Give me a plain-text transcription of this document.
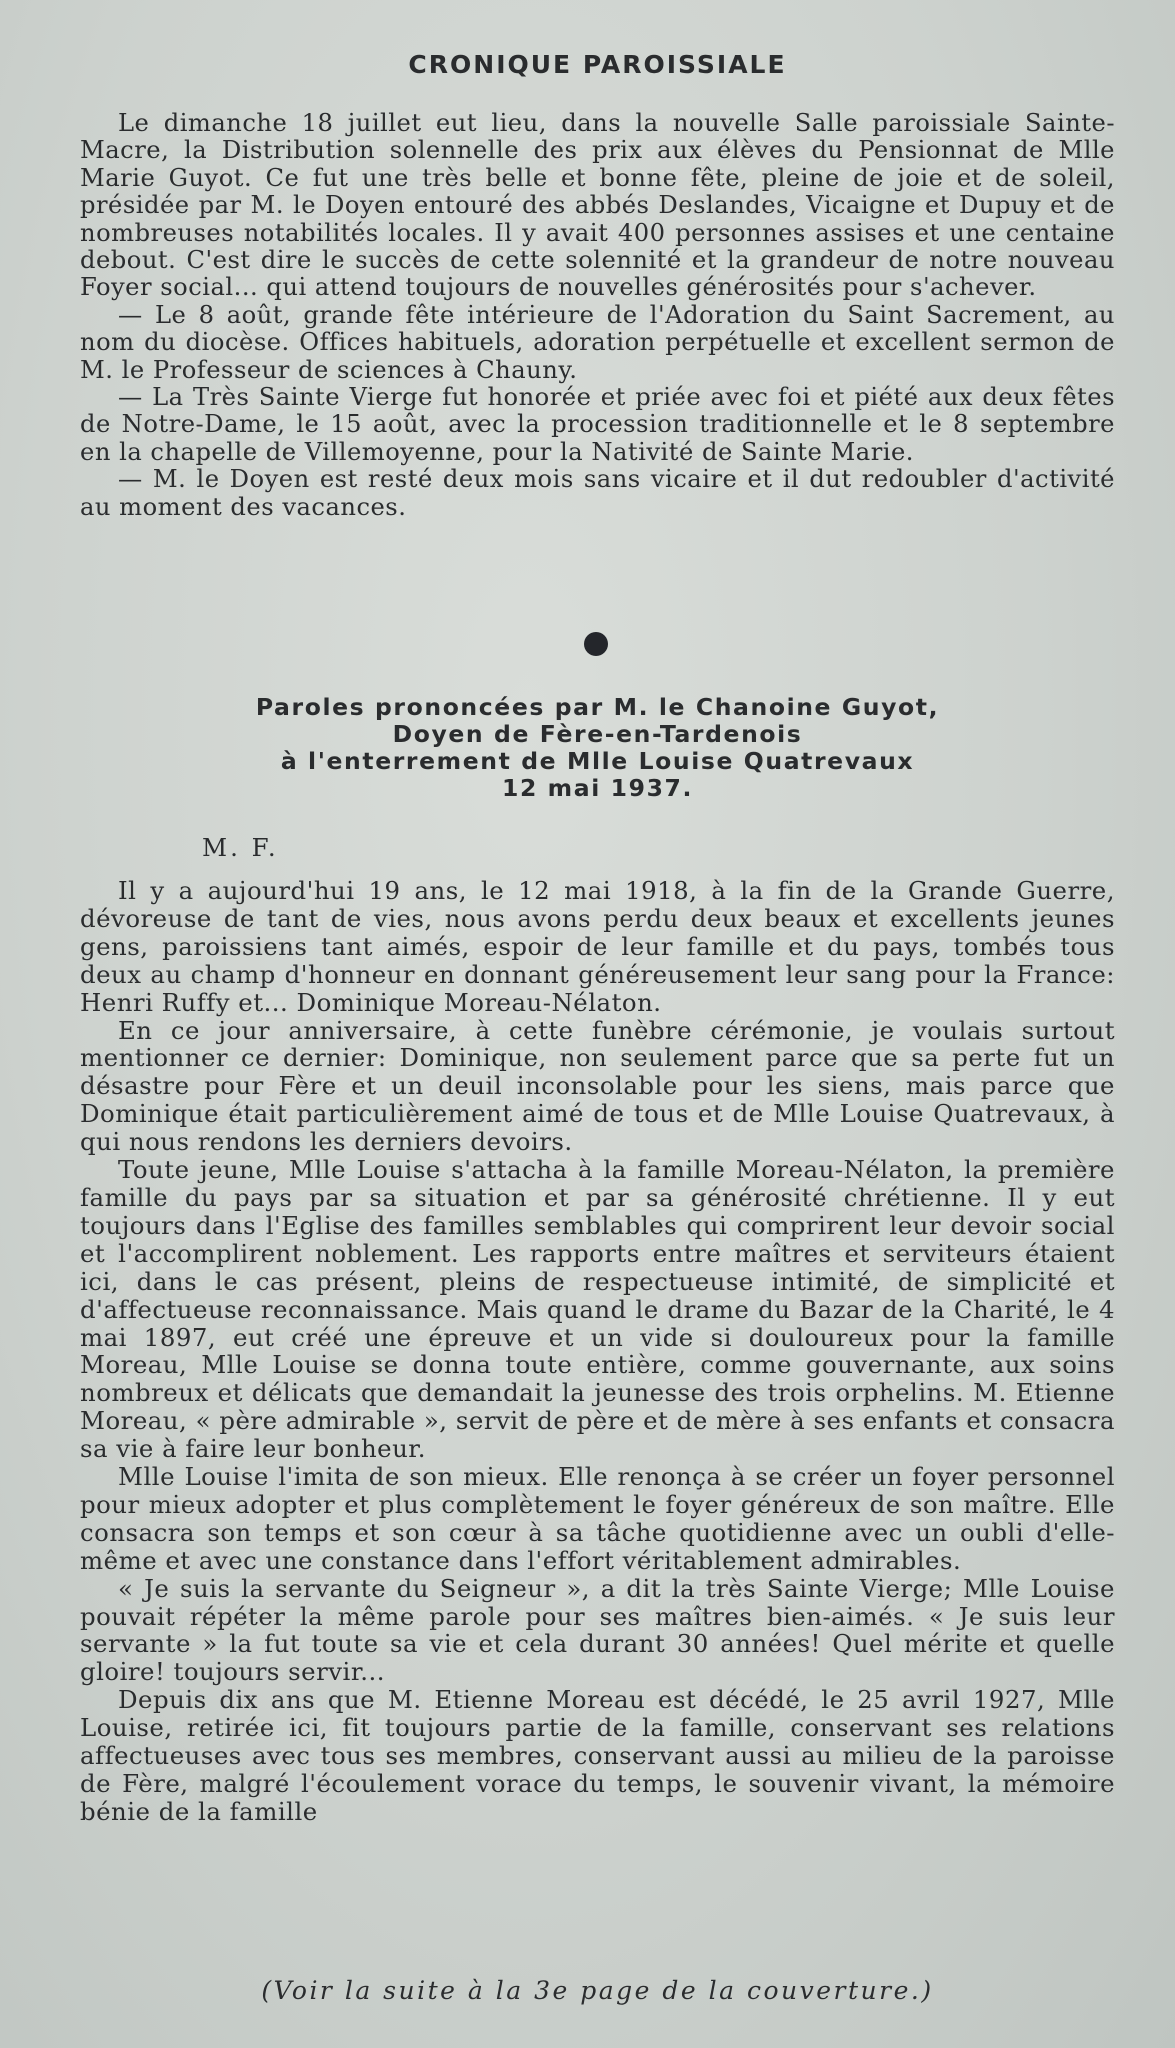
CRONIQUE PAROISSIALE

Le dimanche 18 juillet eut lieu, dans la nouvelle Salle paroissiale Sainte-Macre, la Distribution solennelle des prix aux élèves du Pensionnat de Mlle Marie Guyot. Ce fut une très belle et bonne fête, pleine de joie et de soleil, présidée par M. le Doyen entouré des abbés Deslandes, Vicaigne et Dupuy et de nombreuses notabilités locales. Il y avait 400 personnes assises et une centaine debout. C'est dire le succès de cette solennité et la grandeur de notre nouveau Foyer social... qui attend toujours de nouvelles générosités pour s'achever.

— Le 8 août, grande fête intérieure de l'Adoration du Saint Sacrement, au nom du diocèse. Offices habituels, adoration perpétuelle et excellent sermon de M. le Professeur de sciences à Chauny.

— La Très Sainte Vierge fut honorée et priée avec foi et piété aux deux fêtes de Notre-Dame, le 15 août, avec la procession traditionnelle et le 8 septembre en la chapelle de Villemoyenne, pour la Nativité de Sainte Marie.

— M. le Doyen est resté deux mois sans vicaire et il dut redoubler d'activité au moment des vacances.

Paroles prononcées par M. le Chanoine Guyot,
Doyen de Fère-en-Tardenois
à l'enterrement de Mlle Louise Quatrevaux
12 mai 1937.
M. F.

Il y a aujourd'hui 19 ans, le 12 mai 1918, à la fin de la Grande Guerre, dévoreuse de tant de vies, nous avons perdu deux beaux et excellents jeunes gens, paroissiens tant aimés, espoir de leur famille et du pays, tombés tous deux au champ d'honneur en donnant généreusement leur sang pour la France: Henri Ruffy et... Dominique Moreau-Nélaton.

En ce jour anniversaire, à cette funèbre cérémonie, je voulais surtout mentionner ce dernier: Dominique, non seulement parce que sa perte fut un désastre pour Fère et un deuil inconsolable pour les siens, mais parce que Dominique était particulièrement aimé de tous et de Mlle Louise Quatrevaux, à qui nous rendons les derniers devoirs.

Toute jeune, Mlle Louise s'attacha à la famille Moreau-Nélaton, la première famille du pays par sa situation et par sa générosité chrétienne. Il y eut toujours dans l'Eglise des familles semblables qui comprirent leur devoir social et l'accomplirent noblement. Les rapports entre maîtres et serviteurs étaient ici, dans le cas présent, pleins de respectueuse intimité, de simplicité et d'affectueuse reconnaissance. Mais quand le drame du Bazar de la Charité, le 4 mai 1897, eut créé une épreuve et un vide si douloureux pour la famille Moreau, Mlle Louise se donna toute entière, comme gouvernante, aux soins nombreux et délicats que demandait la jeunesse des trois orphelins. M. Etienne Moreau, « père admirable », servit de père et de mère à ses enfants et consacra sa vie à faire leur bonheur.

Mlle Louise l'imita de son mieux. Elle renonça à se créer un foyer personnel pour mieux adopter et plus complètement le foyer généreux de son maître. Elle consacra son temps et son cœur à sa tâche quotidienne avec un oubli d'elle-même et avec une constance dans l'effort véritablement admirables.

« Je suis la servante du Seigneur », a dit la très Sainte Vierge; Mlle Louise pouvait répéter la même parole pour ses maîtres bien-aimés. « Je suis leur servante » la fut toute sa vie et cela durant 30 années! Quel mérite et quelle gloire! toujours servir...

Depuis dix ans que M. Etienne Moreau est décédé, le 25 avril 1927, Mlle Louise, retirée ici, fit toujours partie de la famille, conservant ses relations affectueuses avec tous ses membres, conservant aussi au milieu de la paroisse de Fère, malgré l'écoulement vorace du temps, le souvenir vivant, la mémoire bénie de la famille

(Voir la suite à la 3e page de la couverture.)
